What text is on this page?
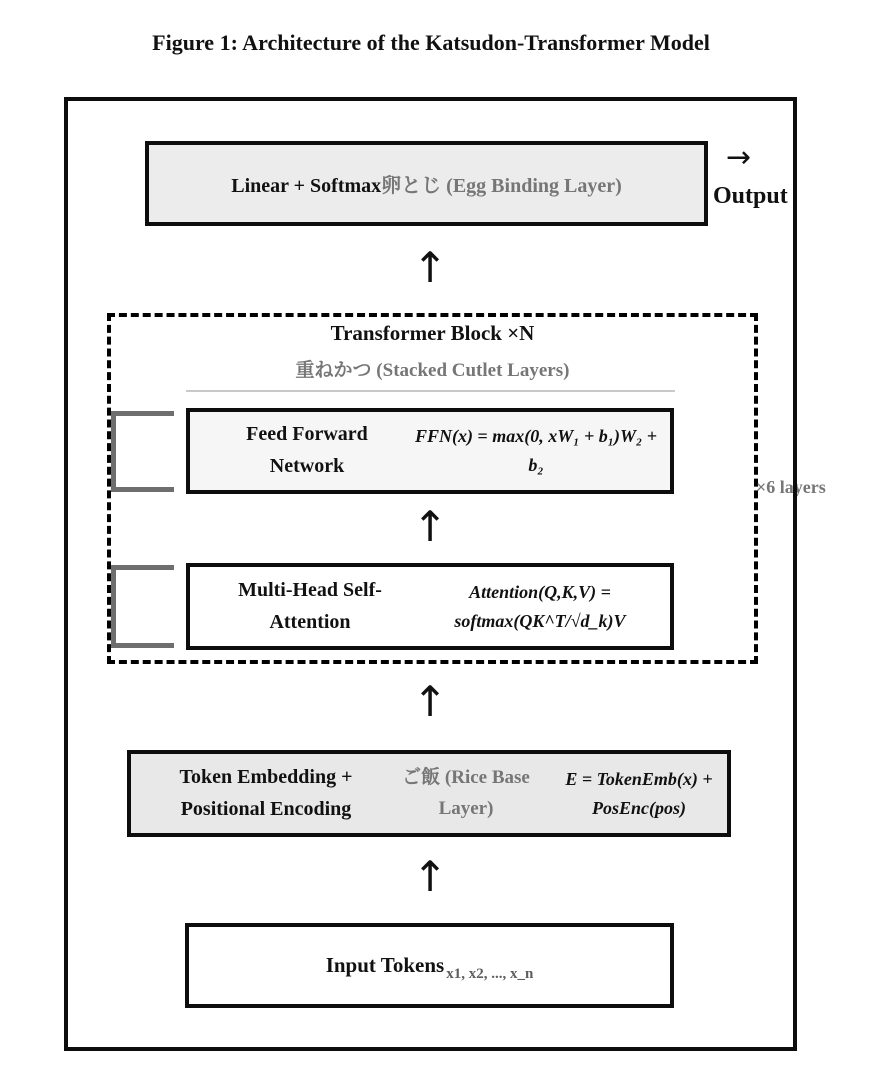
Figure 1: Architecture of the Katsudon-Transformer Model
Linear + Softmax卵とじ (Egg Binding Layer)
→
Output
↑
↑
↑
↑
Transformer Block ×N
重ねかつ (Stacked Cutlet Layers)
Feed Forward Network
FFN(x) = max(0, xW₁ + b₁)W₂ +
b₂
Multi-Head Self-Attention
Attention(Q,K,V) = softmax(QK^T/√d_k)V
×6 layers
Token Embedding + Positional Encoding
ご飯 (Rice Base Layer)
E = TokenEmb(x) + PosEnc(pos)
Input Tokens x1, x2, ..., x_n
